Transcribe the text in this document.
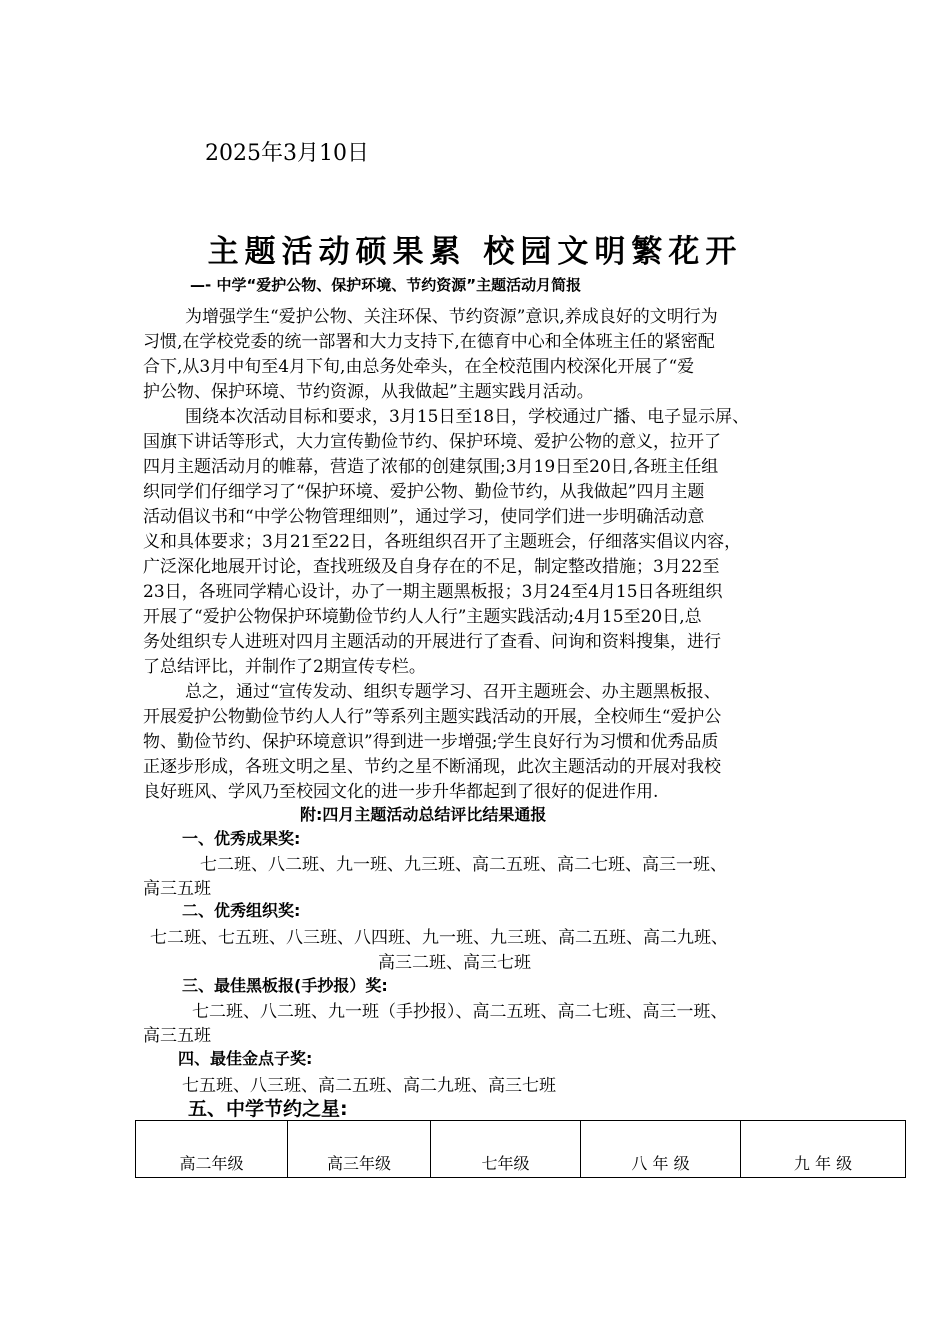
2025年3月10日
主题活动硕果累 校园文明繁花开
—- 中学“爱护公物、保护环境、节约资源”主题活动月简报
为增强学生“爱护公物、关注环保、节约资源”意识,养成良好的文明行为
习惯,在学校党委的统一部署和大力支持下,在德育中心和全体班主任的紧密配
合下,从3月中旬至4月下旬,由总务处牵头，在全校范围内校深化开展了“爱
护公物、保护环境、节约资源，从我做起”主题实践月活动。
围绕本次活动目标和要求，3月15日至18日，学校通过广播、电子显示屏、
国旗下讲话等形式，大力宣传勤俭节约、保护环境、爱护公物的意义，拉开了
四月主题活动月的帷幕，营造了浓郁的创建氛围;3月19日至20日,各班主任组
织同学们仔细学习了“保护环境、爱护公物、勤俭节约，从我做起”四月主题
活动倡议书和“中学公物管理细则”，通过学习，使同学们进一步明确活动意
义和具体要求；3月21至22日，各班组织召开了主题班会，仔细落实倡议内容，
广泛深化地展开讨论，查找班级及自身存在的不足，制定整改措施；3月22至
23日，各班同学精心设计，办了一期主题黑板报；3月24至4月15日各班组织
开展了“爱护公物保护环境勤俭节约人人行”主题实践活动;4月15至20日,总
务处组织专人进班对四月主题活动的开展进行了查看、问询和资料搜集，进行
了总结评比，并制作了2期宣传专栏。
总之，通过“宣传发动、组织专题学习、召开主题班会、办主题黑板报、
开展爱护公物勤俭节约人人行”等系列主题实践活动的开展，全校师生“爱护公
物、勤俭节约、保护环境意识”得到进一步增强;学生良好行为习惯和优秀品质
正逐步形成，各班文明之星、节约之星不断涌现，此次主题活动的开展对我校
良好班风、学风乃至校园文化的进一步升华都起到了很好的促进作用.
附:四月主题活动总结评比结果通报
一、优秀成果奖:
七二班、八二班、九一班、九三班、高二五班、高二七班、高三一班、
高三五班
二、优秀组织奖:
七二班、七五班、八三班、八四班、九一班、九三班、高二五班、高二九班、
高三二班、高三七班
三、最佳黑板报(手抄报）奖:
七二班、八二班、九一班（手抄报）、高二五班、高二七班、高三一班、
高三五班
四、最佳金点子奖:
七五班、八三班、高二五班、高二九班、高三七班
五、中学节约之星:
高二年级	高三年级	七年级	八 年 级	九 年 级
